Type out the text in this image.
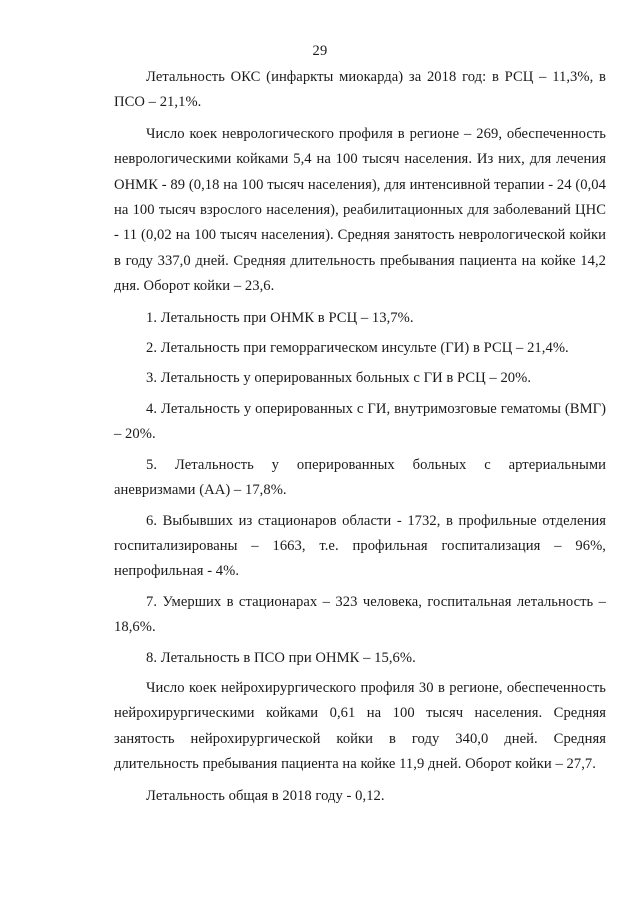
29

Летальность ОКС (инфаркты миокарда) за 2018 год: в РСЦ – 11,3%, в ПСО – 21,1%.

Число коек неврологического профиля в регионе – 269, обеспеченность неврологическими койками 5,4 на 100 тысяч населения. Из них, для лечения ОНМК - 89 (0,18 на 100 тысяч населения), для интенсивной терапии - 24 (0,04 на 100 тысяч взрослого населения), реабилитационных для заболеваний ЦНС - 11 (0,02 на 100 тысяч населения). Средняя занятость неврологической койки в году 337,0 дней. Средняя длительность пребывания пациента на койке 14,2 дня. Оборот койки – 23,6.

1. Летальность при ОНМК в РСЦ – 13,7%.

2. Летальность при геморрагическом инсульте (ГИ) в РСЦ – 21,4%.

3. Летальность у оперированных больных с ГИ в РСЦ – 20%.

4. Летальность у оперированных с ГИ, внутримозговые гематомы (ВМГ) – 20%.

5. Летальность у оперированных больных с артериальными аневризмами (АА) – 17,8%.

6. Выбывших из стационаров области - 1732, в профильные отделения госпитализированы – 1663, т.е. профильная госпитализация – 96%, непрофильная - 4%.

7. Умерших в стационарах – 323 человека, госпитальная летальность – 18,6%.

8. Летальность в ПСО при ОНМК – 15,6%.

Число коек нейрохирургического профиля 30 в регионе, обеспеченность нейрохирургическими койками 0,61 на 100 тысяч населения. Средняя занятость нейрохирургической койки в году 340,0 дней. Средняя длительность пребывания пациента на койке 11,9 дней. Оборот койки – 27,7.

Летальность общая в 2018 году - 0,12.
